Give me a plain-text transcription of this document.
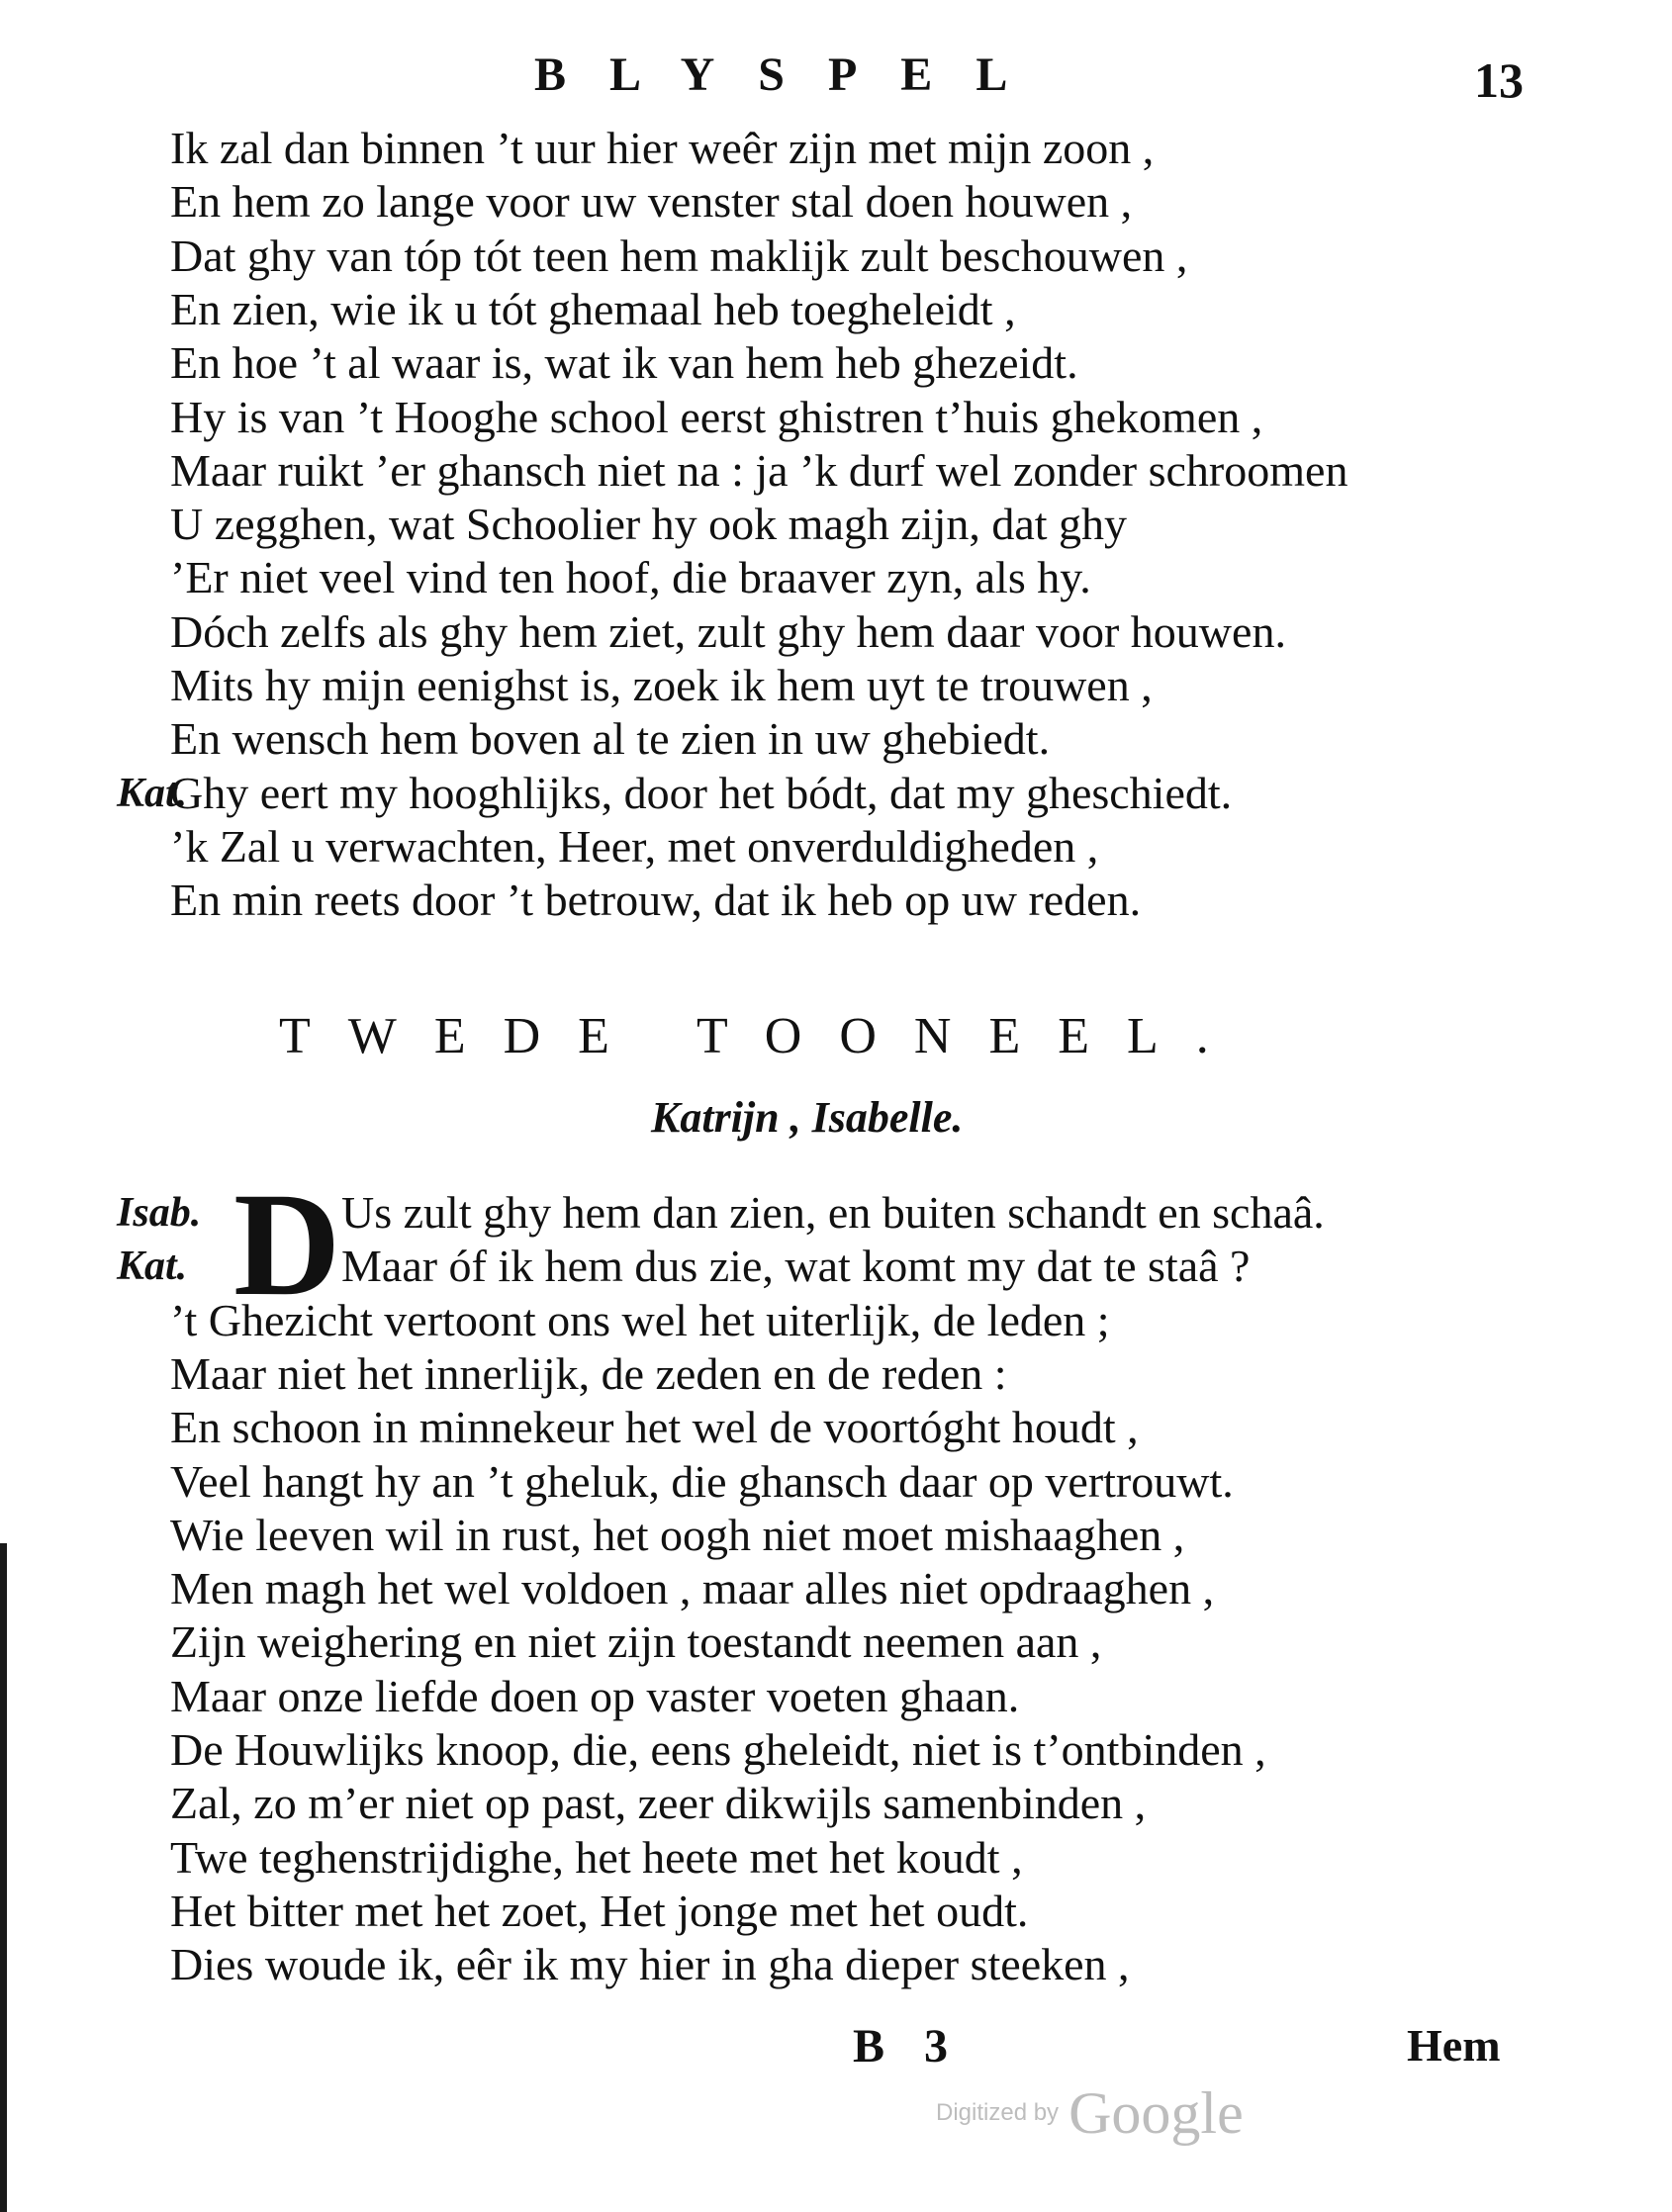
BLYSPEL	13
Ik zal dan binnen ’t uur hier weêr zijn met mijn zoon ,
En hem zo lange voor uw venster stal doen houwen ,
Dat ghy van tóp tót teen hem maklijk zult beschouwen ,
En zien, wie ik u tót ghemaal heb toegheleidt ,
En hoe ’t al waar is, wat ik van hem heb ghezeidt.
Hy is van ’t Hooghe school eerst ghistren t’huis ghekomen ,
Maar ruikt ’er ghansch niet na : ja ’k durf wel zonder schroomen
U zegghen, wat Schoolier hy ook magh zijn, dat ghy
’Er niet veel vind ten hoof, die braaver zyn, als hy.
Dóch zelfs als ghy hem ziet, zult ghy hem daar voor houwen.
Mits hy mijn eenighst is, zoek ik hem uyt te trouwen ,
En wensch hem boven al te zien in uw ghebiedt.
Kat.
Ghy eert my hooghlijks, door het bódt, dat my gheschiedt.
’k Zal u verwachten, Heer, met onverduldigheden ,
En min reets door ’t betrouw, dat ik heb op uw reden.
TWEDE TOONEEL.
Katrijn , Isabelle.
D
Isab.	Us zult ghy hem dan zien, en buiten schandt en schaâ.
Kat.	Maar óf ik hem dus zie, wat komt my dat te staâ ?
’t Ghezicht vertoont ons wel het uiterlijk, de leden ;
Maar niet het innerlijk, de zeden en de reden :
En schoon in minnekeur het wel de voortóght houdt ,
Veel hangt hy an ’t gheluk, die ghansch daar op vertrouwt.
Wie leeven wil in rust, het oogh niet moet mishaaghen ,
Men magh het wel voldoen , maar alles niet opdraaghen ,
Zijn weighering en niet zijn toestandt neemen aan ,
Maar onze liefde doen op vaster voeten ghaan.
De Houwlijks knoop, die, eens gheleidt, niet is t’ontbinden ,
Zal, zo m’er niet op past, zeer dikwijls samenbinden ,
Twe teghenstrijdighe, het heete met het koudt ,
Het bitter met het zoet, Het jonge met het oudt.
Dies woude ik, eêr ik my hier in gha dieper steeken ,
B 3	Hem
Digitized by Google
